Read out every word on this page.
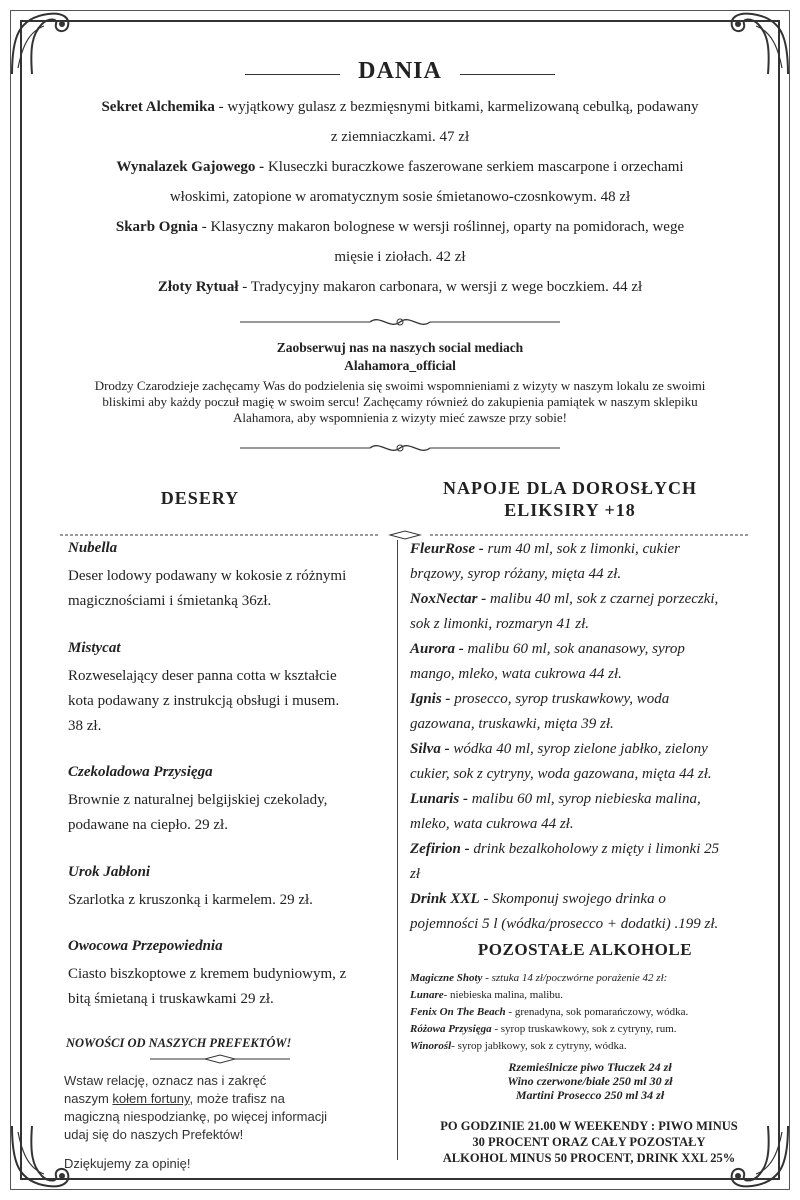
DANIA
Sekret Alchemika - wyjątkowy gulasz z bezmięsnymi bitkami, karmelizowaną cebulką, podawany
z ziemniaczkami. 47 zł
Wynalazek Gajowego - Kluseczki buraczkowe faszerowane serkiem mascarpone i orzechami
włoskimi, zatopione w aromatycznym sosie śmietanowo-czosnkowym. 48 zł
Skarb Ognia - Klasyczny makaron bolognese w wersji roślinnej, oparty na pomidorach, wege
mięsie i ziołach. 42 zł
Złoty Rytuał - Tradycyjny makaron carbonara, w wersji z wege boczkiem. 44 zł
Zaobserwuj nas na naszych social mediach
Alahamora_official
Drodzy Czarodzieje zachęcamy Was do podzielenia się swoimi wspomnieniami z wizyty w naszym lokalu ze swoimi
bliskimi aby każdy poczuł magię w swoim sercu! Zachęcamy również do zakupienia pamiątek w naszym sklepiku
Alahamora, aby wspomnienia z wizyty mieć zawsze przy sobie!
DESERY	NAPOJE DLA DOROSŁYCH
ELIKSIRY +18
Nubella
Deser lodowy podawany w kokosie z różnymi
magicznościami i śmietanką 36zł.
Mistycat
Rozweselający deser panna cotta w kształcie
kota podawany z instrukcją obsługi i musem.
38 zł.
Czekoladowa Przysięga
Brownie z naturalnej belgijskiej czekolady,
podawane na ciepło. 29 zł.
Urok Jabłoni
Szarlotka z kruszonką i karmelem. 29 zł.
Owocowa Przepowiednia
Ciasto biszkoptowe z kremem budyniowym, z
bitą śmietaną i truskawkami 29 zł.
NOWOŚCI OD NASZYCH PREFEKTÓW!
Wstaw relację, oznacz nas i zakręć
naszym kołem fortuny, może trafisz na
magiczną niespodziankę, po więcej informacji
udaj się do naszych Prefektów!
Dziękujemy za opinię!
FleurRose - rum 40 ml, sok z limonki, cukier
brązowy, syrop różany, mięta 44 zł.
NoxNectar - malibu 40 ml, sok z czarnej porzeczki,
sok z limonki, rozmaryn 41 zł.
Aurora - malibu 60 ml, sok ananasowy, syrop
mango, mleko, wata cukrowa 44 zł.
Ignis - prosecco, syrop truskawkowy, woda
gazowana, truskawki, mięta 39 zł.
Silva - wódka 40 ml, syrop zielone jabłko, zielony
cukier, sok z cytryny, woda gazowana, mięta 44 zł.
Lunaris - malibu 60 ml, syrop niebieska malina,
mleko, wata cukrowa 44 zł.
Zefirion - drink bezalkoholowy z mięty i limonki 25
zł
Drink XXL - Skomponuj swojego drinka o
pojemności 5 l (wódka/prosecco + dodatki) .199 zł.
POZOSTAŁE ALKOHOLE
Magiczne Shoty - sztuka 14 zł/poczwórne porażenie 42 zł:
Lunare- niebieska malina, malibu.
Fenix On The Beach - grenadyna, sok pomarańczowy, wódka.
Różowa Przysięga - syrop truskawkowy, sok z cytryny, rum.
Winorośl- syrop jabłkowy, sok z cytryny, wódka.
Rzemieślnicze piwo Tłuczek 24 zł
Wino czerwone/białe 250 ml 30 zł
Martini Prosecco 250 ml 34 zł
PO GODZINIE 21.00 W WEEKENDY : PIWO MINUS
30 PROCENT ORAZ CAŁY POZOSTAŁY
ALKOHOL MINUS 50 PROCENT, DRINK XXL 25%
